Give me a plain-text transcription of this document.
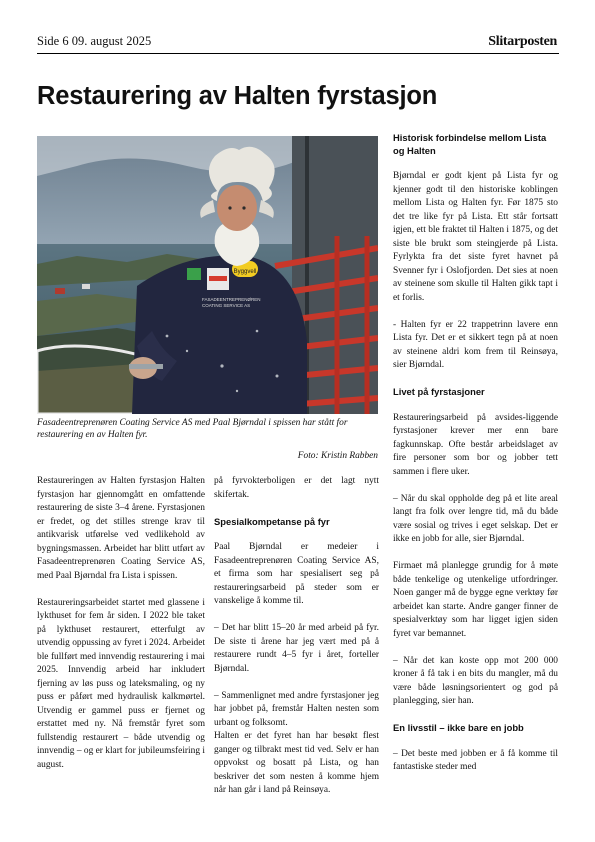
Side 6 09. august 2025	Slitarposten
Restaurering av Halten fyrstasjon
Byggvell
FASADEENTREPRENØREN
COATING SERVICE AS
Fasadeentreprenøren Coating Service AS med Paal Bjørndal i spissen har stått for restaurering en av Halten fyr.
Foto: Kristin Rabben

Restaureringen av Halten fyrstasjon Halten fyrstasjon har gjennomgått en omfattende restaurering de siste 3–4 årene. Fyrstasjonen er fredet, og det stilles strenge krav til antikvarisk utførelse ved vedlikehold av bygningsmassen. Arbeidet har blitt utført av Fasadeentreprenøren Coating Service AS, med Paal Bjørndal fra Lista i spissen.

Restaureringsarbeidet startet med glassene i lykthuset for fem år siden. I 2022 ble taket på lykthuset restaurert, etterfulgt av utvendig oppussing av fyret i 2024. Arbeidet ble fullført med innvendig restaurering i mai 2025. Innvendig arbeid har inkludert fjerning av løs puss og lateksmaling, og ny puss er påført med hydraulisk kalkmørtel. Utvendig er gammel puss er fjernet og erstattet med ny. Nå fremstår fyret som fullstendig restaurert – både utvendig og innvendig – og er klart for jubileumsfeiring i august.

på fyrvokterboligen er det lagt nytt skifertak.

Spesialkompetanse på fyr

Paal Bjørndal er medeier i Fasadeentreprenøren Coating Service AS, et firma som har spesialisert seg på restaureringsarbeid på steder som er vanskelige å komme til.

– Det har blitt 15–20 år med arbeid på fyr. De siste ti årene har jeg vært med på å restaurere rundt 4–5 fyr i året, forteller Bjørndal.

– Sammenlignet med andre fyrstasjoner jeg har jobbet på, fremstår Halten nesten som urbant og folksomt.

Halten er det fyret han har besøkt flest ganger og tilbrakt mest tid ved. Selv er han oppvokst og bosatt på Lista, og han beskriver det som nesten å komme hjem når han går i land på Reinsøya.

Historisk forbindelse mellom Lista og Halten

Bjørndal er godt kjent på Lista fyr og kjenner godt til den historiske koblingen mellom Lista og Halten fyr. Før 1875 sto det tre like fyr på Lista. Ett står fortsatt igjen, ett ble fraktet til Halten i 1875, og det siste ble brukt som steingjerde på Lista. Fyrlykta fra det siste fyret havnet på Svenner fyr i Oslofjorden. Det sies at noen av steinene som skulle til Halten gikk tapt i et forlis.

- Halten fyr er 22 trappetrinn lavere enn Lista fyr. Det er et sikkert tegn på at noen av steinene aldri kom frem til Reinsøya, sier Bjørndal.

Livet på fyrstasjoner

Restaureringsarbeid på avsides-liggende fyrstasjoner krever mer enn bare fagkunnskap. Ofte består arbeidslaget av fire personer som bor og jobber tett sammen i flere uker.

– Når du skal oppholde deg på et lite areal langt fra folk over lengre tid, må du både være sosial og trives i eget selskap. Det er ikke en jobb for alle, sier Bjørndal.

Firmaet må planlegge grundig for å møte både tenkelige og utenkelige utfordringer. Noen ganger må de bygge egne verktøy før arbeidet kan starte. Andre ganger finner de spesialverktøy som har ligget igjen siden fyret var bemannet.

– Når det kan koste opp mot 200 000 kroner å få tak i en bits du mangler, må du være både løsningsorientert og god på planlegging, sier han.

En livsstil – ikke bare en jobb

– Det beste med jobben er å få komme til fantastiske steder med
